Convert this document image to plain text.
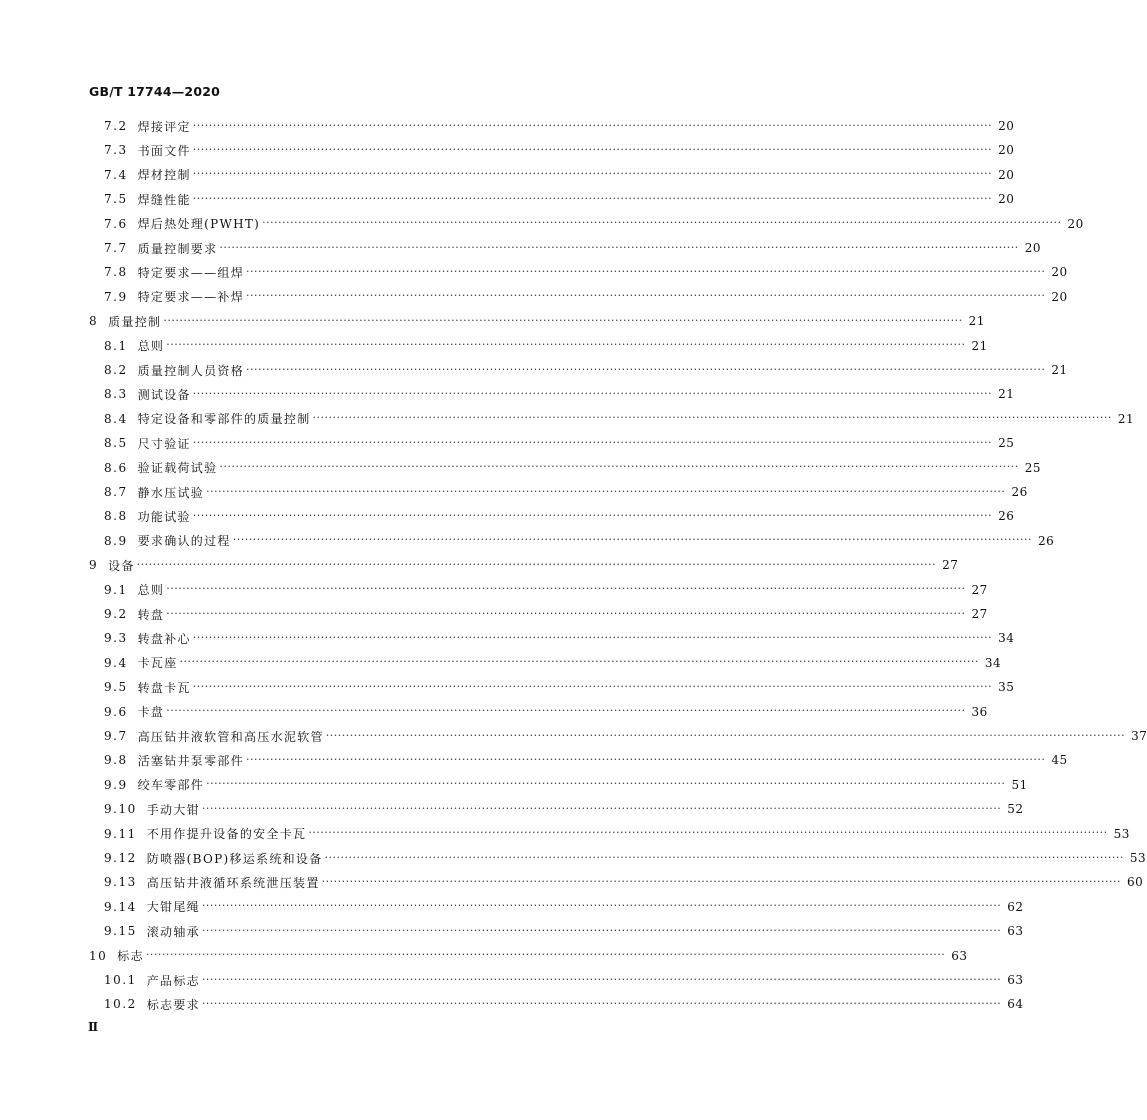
GB/T 17744—2020
7.2 焊接评定 ········································································································································································································ 20
7.3 书面文件 ········································································································································································································ 20
7.4 焊材控制 ········································································································································································································ 20
7.5 焊缝性能 ········································································································································································································ 20
7.6 焊后热处理(PWHT) ········································································································································································································ 20
7.7 质量控制要求 ········································································································································································································ 20
7.8 特定要求——组焊 ········································································································································································································ 20
7.9 特定要求——补焊 ········································································································································································································ 20
8 质量控制 ········································································································································································································ 21
8.1 总则 ········································································································································································································ 21
8.2 质量控制人员资格 ········································································································································································································ 21
8.3 测试设备 ········································································································································································································ 21
8.4 特定设备和零部件的质量控制 ········································································································································································································ 21
8.5 尺寸验证 ········································································································································································································ 25
8.6 验证载荷试验 ········································································································································································································ 25
8.7 静水压试验 ········································································································································································································ 26
8.8 功能试验 ········································································································································································································ 26
8.9 要求确认的过程 ········································································································································································································ 26
9 设备 ········································································································································································································ 27
9.1 总则 ········································································································································································································ 27
9.2 转盘 ········································································································································································································ 27
9.3 转盘补心 ········································································································································································································ 34
9.4 卡瓦座 ········································································································································································································ 34
9.5 转盘卡瓦 ········································································································································································································ 35
9.6 卡盘 ········································································································································································································ 36
9.7 高压钻井液软管和高压水泥软管 ········································································································································································································ 37
9.8 活塞钻井泵零部件 ········································································································································································································ 45
9.9 绞车零部件 ········································································································································································································ 51
9.10 手动大钳 ········································································································································································································ 52
9.11 不用作提升设备的安全卡瓦 ········································································································································································································ 53
9.12 防喷器(BOP)移运系统和设备 ········································································································································································································ 53
9.13 高压钻井液循环系统泄压装置 ········································································································································································································ 60
9.14 大钳尾绳 ········································································································································································································ 62
9.15 滚动轴承 ········································································································································································································ 63
10 标志 ········································································································································································································ 63
10.1 产品标志 ········································································································································································································ 63
10.2 标志要求 ········································································································································································································ 64
Ⅱ
